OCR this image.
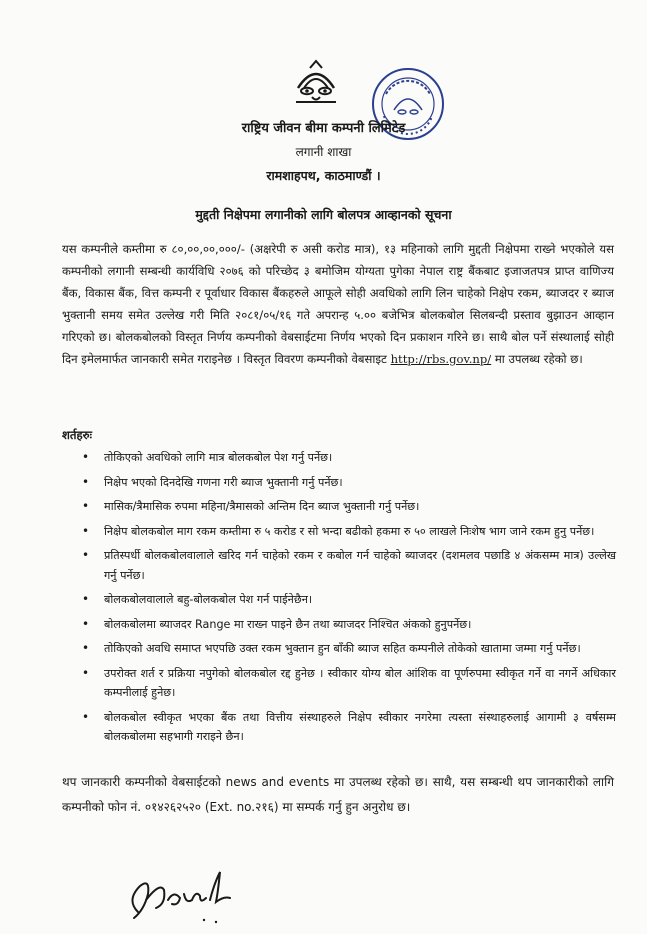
राष्ट्रिय जीवन बीमा कम्पनी लिमिटेड
लगानी शाखा
रामशाहपथ, काठमाण्डौं ।
मुद्दती निक्षेपमा लगानीको लागि बोलपत्र आव्हानको सूचना

यस कम्पनीले कम्तीमा रु ८०,००,००,०००/- (अक्षरेपी रु असी करोड मात्र), १३ महिनाको लागि मुद्दती निक्षेपमा राख्ने भएकोले यस कम्पनीको लगानी सम्बन्धी कार्यविधि २०७६ को परिच्छेद ३ बमोजिम योग्यता पुगेका नेपाल राष्ट्र बैंकबाट इजाजतपत्र प्राप्त वाणिज्य बैंक, विकास बैंक, वित्त कम्पनी र पूर्वाधार विकास बैंकहरुले आफूले सोही अवधिको लागि लिन चाहेको निक्षेप रकम, ब्याजदर र ब्याज भुक्तानी समय समेत उल्लेख गरी मिति २०८१/०५/१६ गते अपरान्ह ५.०० बजेभित्र बोलकबोल सिलबन्दी प्रस्ताव बुझाउन आव्हान गरिएको छ। बोलकबोलको विस्तृत निर्णय कम्पनीको वेबसाईटमा निर्णय भएको दिन प्रकाशन गरिने छ। साथै बोल पर्ने संस्थालाई सोही दिन इमेलमार्फत जानकारी समेत गराइनेछ । विस्तृत विवरण कम्पनीको वेबसाइट http://rbs.gov.np/ मा उपलब्ध रहेको छ।

शर्तहरुः
• तोकिएको अवधिको लागि मात्र बोलकबोल पेश गर्नु पर्नेछ।
• निक्षेप भएको दिनदेखि गणना गरी ब्याज भुक्तानी गर्नु पर्नेछ।
• मासिक/त्रैमासिक रुपमा महिना/त्रैमासको अन्तिम दिन ब्याज भुक्तानी गर्नु पर्नेछ।
• निक्षेप बोलकबोल माग रकम कम्तीमा रु ५ करोड र सो भन्दा बढीको हकमा रु ५० लाखले निःशेष भाग जाने रकम हुनु पर्नेछ।
• प्रतिस्पर्धी बोलकबोलवालाले खरिद गर्न चाहेको रकम र कबोल गर्न चाहेको ब्याजदर (दशमलव पछाडि ४ अंकसम्म मात्र) उल्लेख गर्नु पर्नेछ।
• बोलकबोलवालाले बहु-बोलकबोल पेश गर्न पाईनेछैन।
• बोलकबोलमा ब्याजदर Range मा राख्न पाइने छैन तथा ब्याजदर निश्चित अंकको हुनुपर्नेछ।
• तोकिएको अवधि समाप्त भएपछि उक्त रकम भुक्तान हुन बाँकी ब्याज सहित कम्पनीले तोकेको खातामा जम्मा गर्नु पर्नेछ।
• उपरोक्त शर्त र प्रक्रिया नपुगेको बोलकबोल रद्द हुनेछ । स्वीकार योग्य बोल आंशिक वा पूर्णरुपमा स्वीकृत गर्ने वा नगर्ने अधिकार कम्पनीलाई हुनेछ।
• बोलकबोल स्वीकृत भएका बैंक तथा वित्तीय संस्थाहरुले निक्षेप स्वीकार नगरेमा त्यस्ता संस्थाहरुलाई आगामी ३ वर्षसम्म बोलकबोलमा सहभागी गराइने छैन।

थप जानकारी कम्पनीको वेबसाईटको news and events मा उपलब्ध रहेको छ। साथै, यस सम्बन्धी थप जानकारीको लागि कम्पनीको फोन नं. ०१४२६२५२० (Ext. no.२१६) मा सम्पर्क गर्नु हुन अनुरोध छ।
